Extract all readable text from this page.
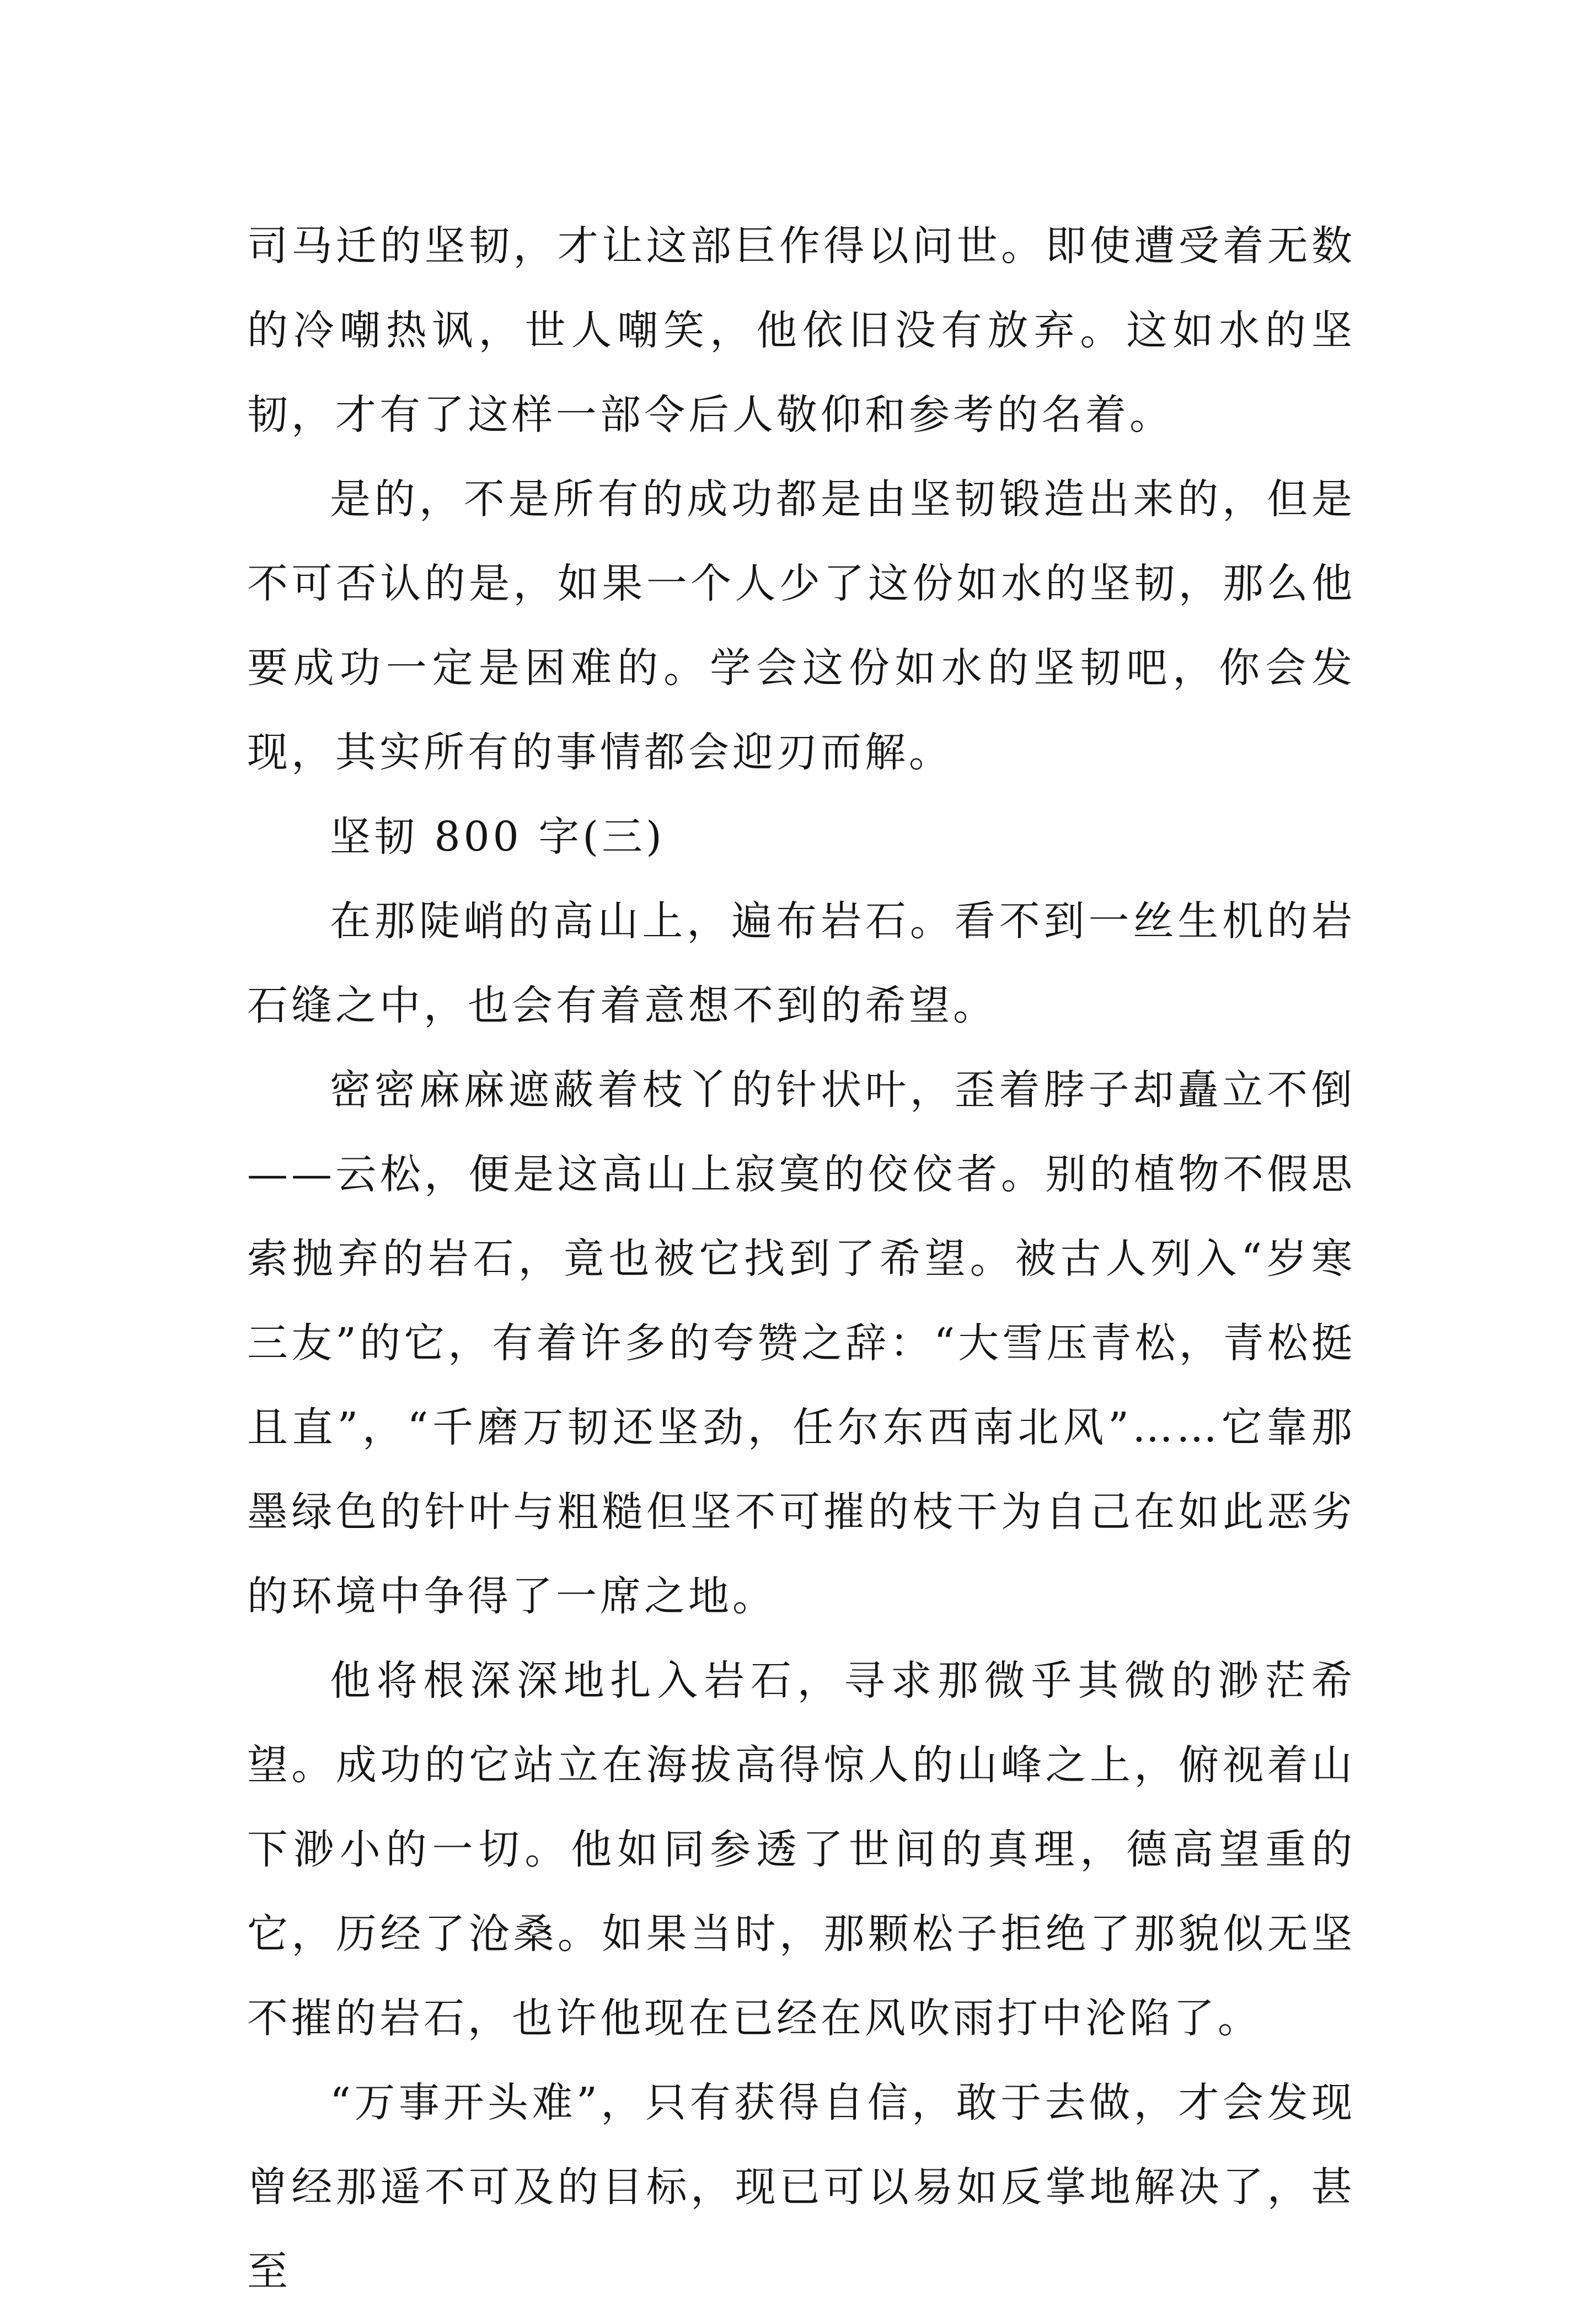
司马迁的坚韧，才让这部巨作得以问世。即使遭受着无数的冷嘲热讽，世人嘲笑，他依旧没有放弃。这如水的坚韧，才有了这样一部令后人敬仰和参考的名着。

是的，不是所有的成功都是由坚韧锻造出来的，但是不可否认的是，如果一个人少了这份如水的坚韧，那么他要成功一定是困难的。学会这份如水的坚韧吧，你会发现，其实所有的事情都会迎刃而解。

坚韧 800 字(三)

在那陡峭的高山上，遍布岩石。看不到一丝生机的岩石缝之中，也会有着意想不到的希望。

密密麻麻遮蔽着枝丫的针状叶，歪着脖子却矗立不倒——云松，便是这高山上寂寞的佼佼者。别的植物不假思索抛弃的岩石，竟也被它找到了希望。被古人列入“岁寒三友”的它，有着许多的夸赞之辞：“大雪压青松，青松挺且直”，“千磨万韧还坚劲，任尔东西南北风”……它靠那墨绿色的针叶与粗糙但坚不可摧的枝干为自己在如此恶劣的环境中争得了一席之地。

他将根深深地扎入岩石，寻求那微乎其微的渺茫希望。成功的它站立在海拔高得惊人的山峰之上，俯视着山下渺小的一切。他如同参透了世间的真理，德高望重的它，历经了沧桑。如果当时，那颗松子拒绝了那貌似无坚不摧的岩石，也许他现在已经在风吹雨打中沦陷了。

“万事开头难”，只有获得自信，敢于去做，才会发现曾经那遥不可及的目标，现已可以易如反掌地解决了，甚至
